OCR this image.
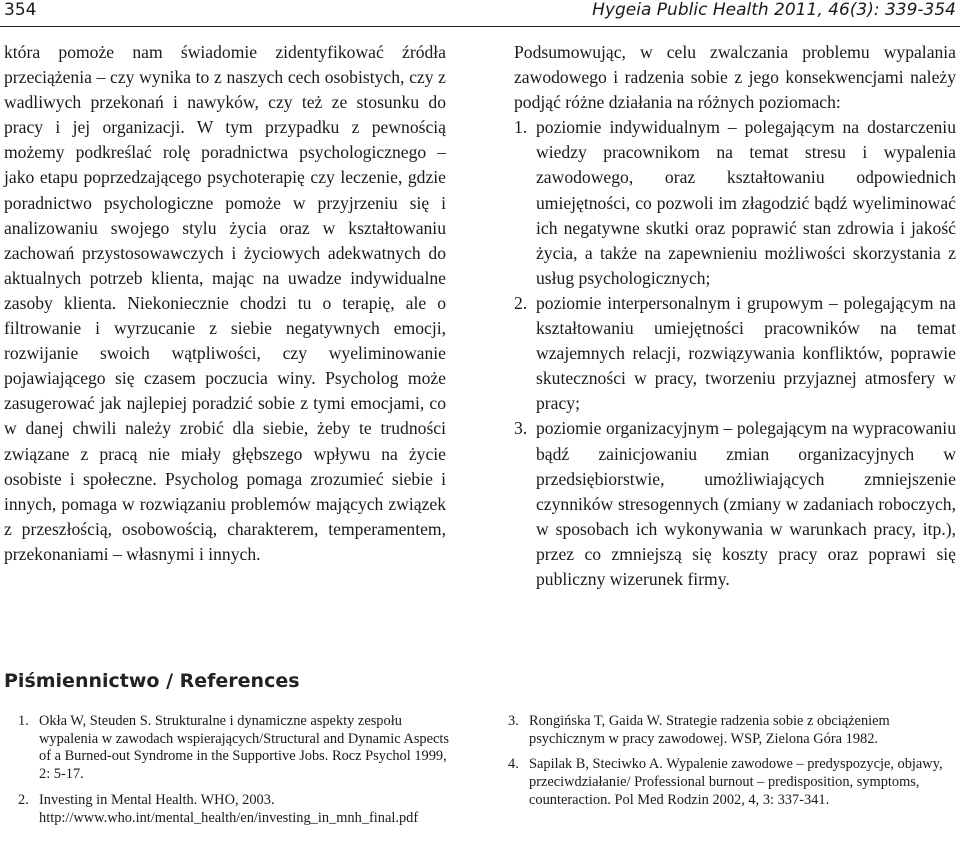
354	Hygeia Public Health 2011, 46(3): 339-354

która pomoże nam świadomie zidentyfikować źródła przeciążenia – czy wynika to z naszych cech osobistych, czy z wadliwych przekonań i nawyków, czy też ze stosunku do pracy i jej organizacji. W tym przypadku z pewnością możemy podkreślać rolę poradnictwa psychologicznego – jako etapu poprzedzającego psychoterapię czy leczenie, gdzie poradnictwo psychologiczne pomoże w przyjrzeniu się i analizowaniu swojego stylu życia oraz w kształtowaniu zachowań przystosowawczych i życiowych adekwatnych do aktualnych potrzeb klienta, mając na uwadze indywidualne zasoby klienta. Niekoniecznie chodzi tu o terapię, ale o filtrowanie i wyrzucanie z siebie negatywnych emocji, rozwijanie swoich wątpliwości, czy wyeliminowanie pojawiającego się czasem poczucia winy. Psycholog może zasugerować jak najlepiej poradzić sobie z tymi emocjami, co w danej chwili należy zrobić dla siebie, żeby te trudności związane z pracą nie miały głębszego wpływu na życie osobiste i społeczne. Psycholog pomaga zrozumieć siebie i innych, pomaga w rozwiązaniu problemów mających związek z przeszłością, osobowością, charakterem, temperamentem, przekonaniami – własnymi i innych.

Podsumowując, w celu zwalczania problemu wypalania zawodowego i radzenia sobie z jego konsekwencjami należy podjąć różne działania na różnych poziomach:

1. poziomie indywidualnym – polegającym na dostarczeniu wiedzy pracownikom na temat stresu i wypalenia zawodowego, oraz kształtowaniu odpowiednich umiejętności, co pozwoli im złagodzić bądź wyeliminować ich negatywne skutki oraz poprawić stan zdrowia i jakość życia, a także na zapewnieniu możliwości skorzystania z usług psychologicznych;
2. poziomie interpersonalnym i grupowym – polegającym na kształtowaniu umiejętności pracowników na temat wzajemnych relacji, rozwiązywania konfliktów, poprawie skuteczności w pracy, tworzeniu przyjaznej atmosfery w pracy;
3. poziomie organizacyjnym – polegającym na wypracowaniu bądź zainicjowaniu zmian organizacyjnych w przedsiębiorstwie, umożliwiających zmniejszenie czynników stresogennych (zmiany w zadaniach roboczych, w sposobach ich wykonywania w warunkach pracy, itp.), przez co zmniejszą się koszty pracy oraz poprawi się publiczny wizerunek firmy.
Piśmiennictwo / References
1. Okła W, Steuden S. Strukturalne i dynamiczne aspekty zespołu wypalenia w zawodach wspierających/Structural and Dynamic Aspects of a Burned-out Syndrome in the Supportive Jobs. Rocz Psychol 1999, 2: 5-17.
2. Investing in Mental Health. WHO, 2003. http://www.who.int/mental_health/en/investing_in_mnh_final.pdf
3. Rongińska T, Gaida W. Strategie radzenia sobie z obciążeniem psychicznym w pracy zawodowej. WSP, Zielona Góra 1982.
4. Sapilak B, Steciwko A. Wypalenie zawodowe – predyspozycje, objawy, przeciwdziałanie/ Professional burnout – predisposition, symptoms, counteraction. Pol Med Rodzin 2002, 4, 3: 337-341.
